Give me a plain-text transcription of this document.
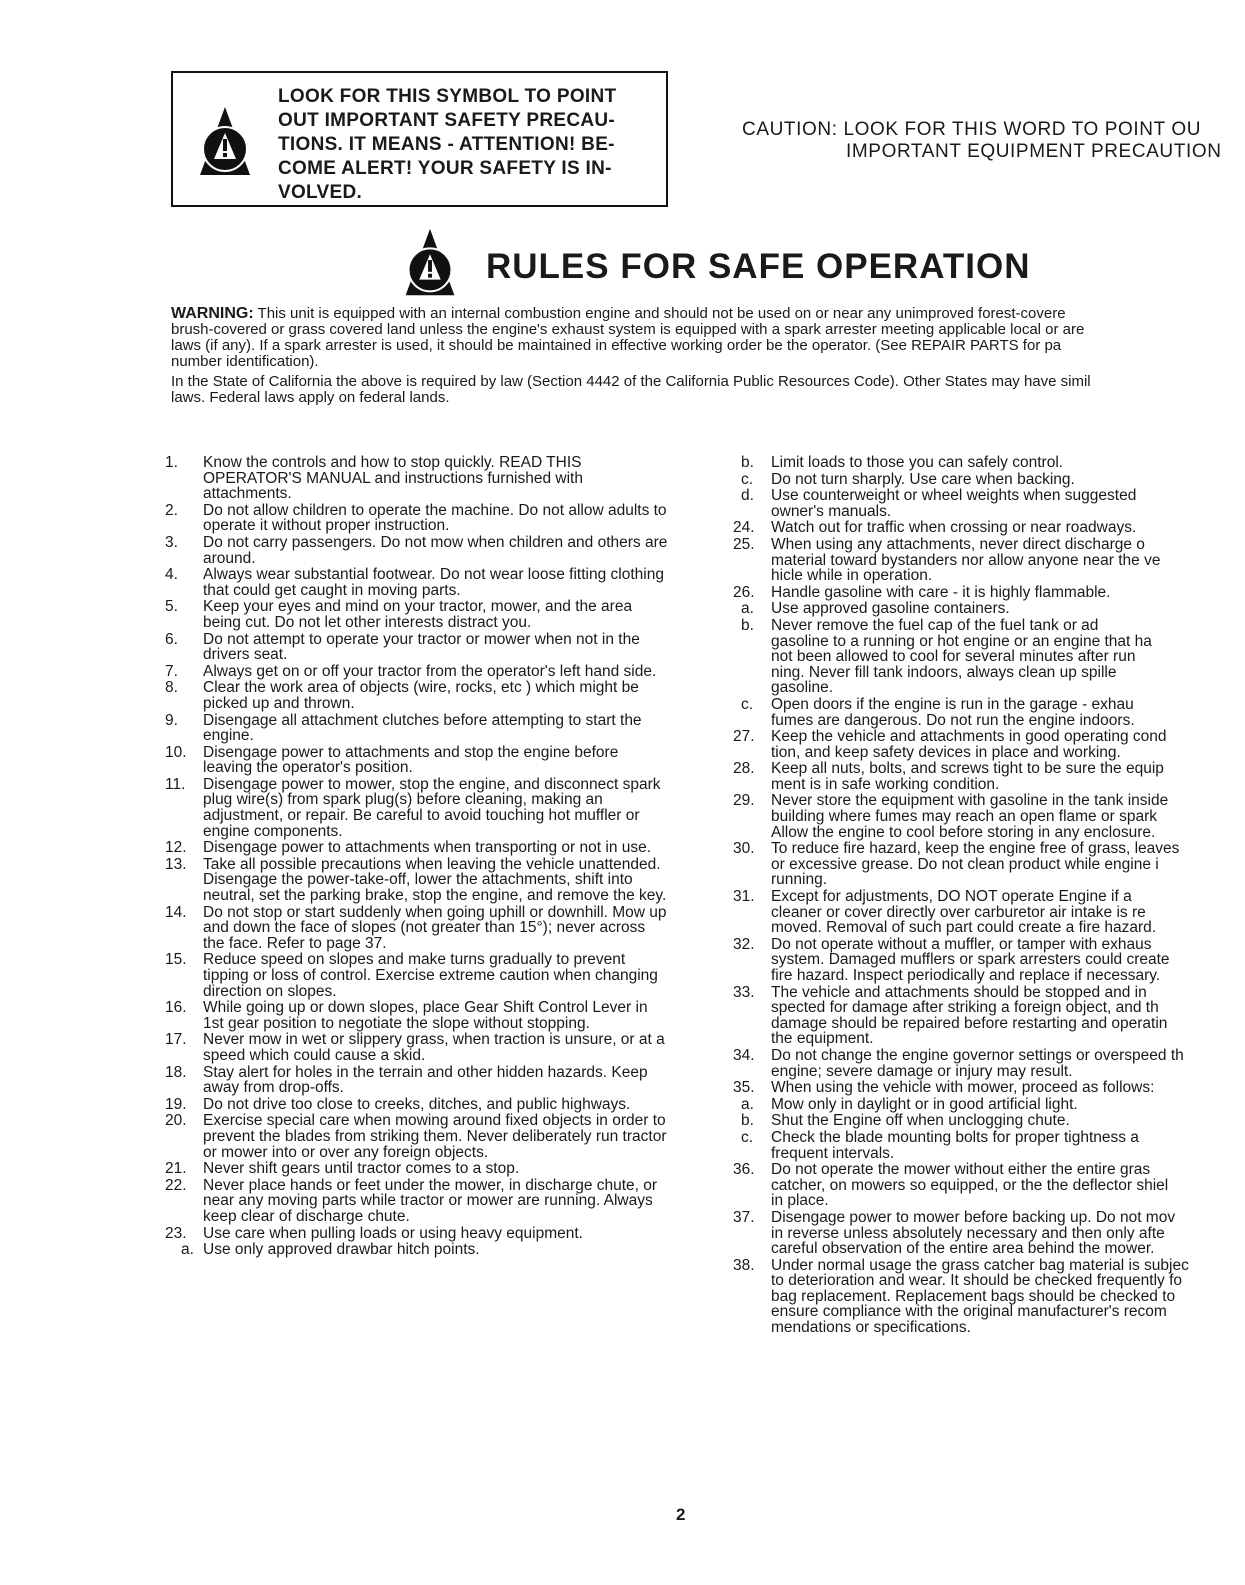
LOOK FOR THIS SYMBOL TO POINT
OUT IMPORTANT SAFETY PRECAU-
TIONS. IT MEANS - ATTENTION! BE-
COME ALERT! YOUR SAFETY IS IN-
VOLVED.
CAUTION: LOOK FOR THIS WORD TO POINT OU
IMPORTANT EQUIPMENT PRECAUTION
RULES FOR SAFE OPERATION
WARNING: This unit is equipped with an internal combustion engine and should not be used on or near any unimproved forest-covere
brush-covered or grass covered land unless the engine's exhaust system is equipped with a spark arrester meeting applicable local or are
laws (if any). If a spark arrester is used, it should be maintained in effective working order be the operator. (See REPAIR PARTS for pa
number identification).
In the State of California the above is required by law (Section 4442 of the California Public Resources Code). Other States may have simil
laws. Federal laws apply on federal lands.
1. Know the controls and how to stop quickly. READ THIS OPERATOR'S MANUAL and instructions furnished with attachments.
2. Do not allow children to operate the machine. Do not allow adults to operate it without proper instruction.
3. Do not carry passengers. Do not mow when children and others are around.
4. Always wear substantial footwear. Do not wear loose fitting clothing that could get caught in moving parts.
5. Keep your eyes and mind on your tractor, mower, and the area being cut. Do not let other interests distract you.
6. Do not attempt to operate your tractor or mower when not in the drivers seat.
7. Always get on or off your tractor from the operator's left hand side.
8. Clear the work area of objects (wire, rocks, etc ) which might be picked up and thrown.
9. Disengage all attachment clutches before attempting to start the engine.
10. Disengage power to attachments and stop the engine before leaving the operator's position.
11. Disengage power to mower, stop the engine, and disconnect spark plug wire(s) from spark plug(s) before cleaning, making an adjustment, or repair. Be careful to avoid touching hot muffler or engine components.
12. Disengage power to attachments when transporting or not in use.
13. Take all possible precautions when leaving the vehicle unattended. Disengage the power-take-off, lower the attachments, shift into neutral, set the parking brake, stop the engine, and remove the key.
14. Do not stop or start suddenly when going uphill or downhill. Mow up and down the face of slopes (not greater than 15°); never across the face. Refer to page 37.
15. Reduce speed on slopes and make turns gradually to prevent tipping or loss of control. Exercise extreme caution when changing direction on slopes.
16. While going up or down slopes, place Gear Shift Control Lever in 1st gear position to negotiate the slope without stopping.
17. Never mow in wet or slippery grass, when traction is unsure, or at a speed which could cause a skid.
18. Stay alert for holes in the terrain and other hidden hazards. Keep away from drop-offs.
19. Do not drive too close to creeks, ditches, and public highways.
20. Exercise special care when mowing around fixed objects in order to prevent the blades from striking them. Never deliberately run tractor or mower into or over any foreign objects.
21. Never shift gears until tractor comes to a stop.
22. Never place hands or feet under the mower, in discharge chute, or near any moving parts while tractor or mower are running. Always keep clear of discharge chute.
23. Use care when pulling loads or using heavy equipment.
a. Use only approved drawbar hitch points.
b. Limit loads to those you can safely control.
c. Do not turn sharply. Use care when backing.
d. Use counterweight or wheel weights when suggested
owner's manuals.
24. Watch out for traffic when crossing or near roadways.
25. When using any attachments, never direct discharge o
material toward bystanders nor allow anyone near the ve
hicle while in operation.
26. Handle gasoline with care - it is highly flammable.
a. Use approved gasoline containers.
b. Never remove the fuel cap of the fuel tank or ad
gasoline to a running or hot engine or an engine that ha
not been allowed to cool for several minutes after run
ning. Never fill tank indoors, always clean up spille
gasoline.
c. Open doors if the engine is run in the garage - exhau
fumes are dangerous. Do not run the engine indoors.
27. Keep the vehicle and attachments in good operating cond
tion, and keep safety devices in place and working.
28. Keep all nuts, bolts, and screws tight to be sure the equip
ment is in safe working condition.
29. Never store the equipment with gasoline in the tank inside
building where fumes may reach an open flame or spark
Allow the engine to cool before storing in any enclosure.
30. To reduce fire hazard, keep the engine free of grass, leaves
or excessive grease. Do not clean product while engine i
running.
31. Except for adjustments, DO NOT operate Engine if a
cleaner or cover directly over carburetor air intake is re
moved. Removal of such part could create a fire hazard.
32. Do not operate without a muffler, or tamper with exhaus
system. Damaged mufflers or spark arresters could create
fire hazard. Inspect periodically and replace if necessary.
33. The vehicle and attachments should be stopped and in
spected for damage after striking a foreign object, and th
damage should be repaired before restarting and operatin
the equipment.
34. Do not change the engine governor settings or overspeed th
engine; severe damage or injury may result.
35. When using the vehicle with mower, proceed as follows:
a. Mow only in daylight or in good artificial light.
b. Shut the Engine off when unclogging chute.
c. Check the blade mounting bolts for proper tightness a
frequent intervals.
36. Do not operate the mower without either the entire gras
catcher, on mowers so equipped, or the the deflector shiel
in place.
37. Disengage power to mower before backing up. Do not mov
in reverse unless absolutely necessary and then only afte
careful observation of the entire area behind the mower.
38. Under normal usage the grass catcher bag material is subjec
to deterioration and wear. It should be checked frequently fo
bag replacement. Replacement bags should be checked to
ensure compliance with the original manufacturer's recom
mendations or specifications.
2
